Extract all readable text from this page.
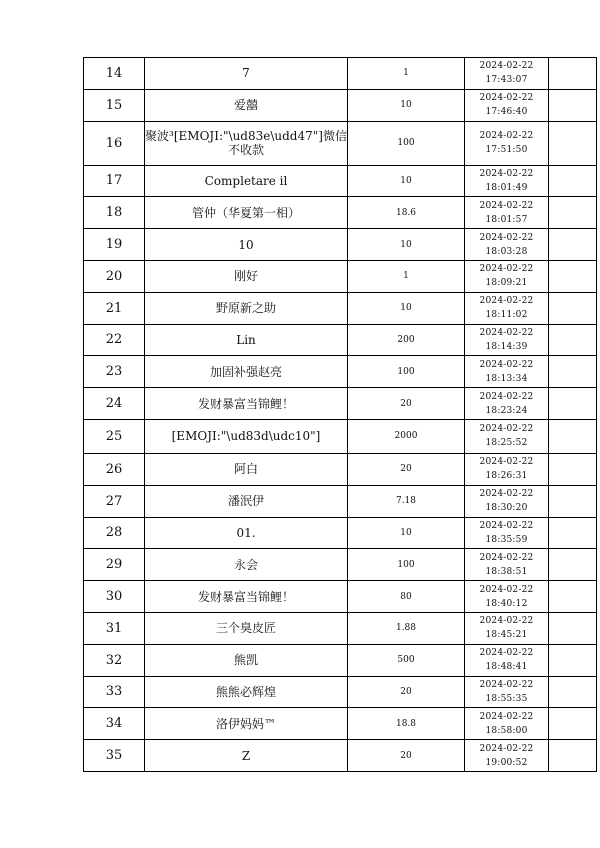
14	7	1	2024-02-22
17:43:07	

15	爱囍	10	2024-02-22
17:46:40	

16	聚波³[EMOJI:"\ud83e\udd47"]微信不收款	100	2024-02-22
17:51:50	

17	Completare il	10	2024-02-22
18:01:49	

18	管仲（华夏第一相）	18.6	2024-02-22
18:01:57	

19	10	10	2024-02-22
18:03:28	

20	刚好	1	2024-02-22
18:09:21	

21	野原新之助	10	2024-02-22
18:11:02	

22	Lin	200	2024-02-22
18:14:39	

23	加固补强赵亮	100	2024-02-22
18:13:34	

24	发财暴富当锦鲤！	20	2024-02-22
18:23:24	

25	[EMOJI:"\ud83d\udc10"]	2000	2024-02-22
18:25:52	

26	阿白	20	2024-02-22
18:26:31	

27	潘泯伊	7.18	2024-02-22
18:30:20	

28	01.	10	2024-02-22
18:35:59	

29	永会	100	2024-02-22
18:38:51	

30	发财暴富当锦鲤！	80	2024-02-22
18:40:12	

31	三个臭皮匠	1.88	2024-02-22
18:45:21	

32	熊凯	500	2024-02-22
18:48:41	

33	熊熊必辉煌	20	2024-02-22
18:55:35	

34	洛伊妈妈™	18.8	2024-02-22
18:58:00	

35	Z	20	2024-02-22
19:00:52	
